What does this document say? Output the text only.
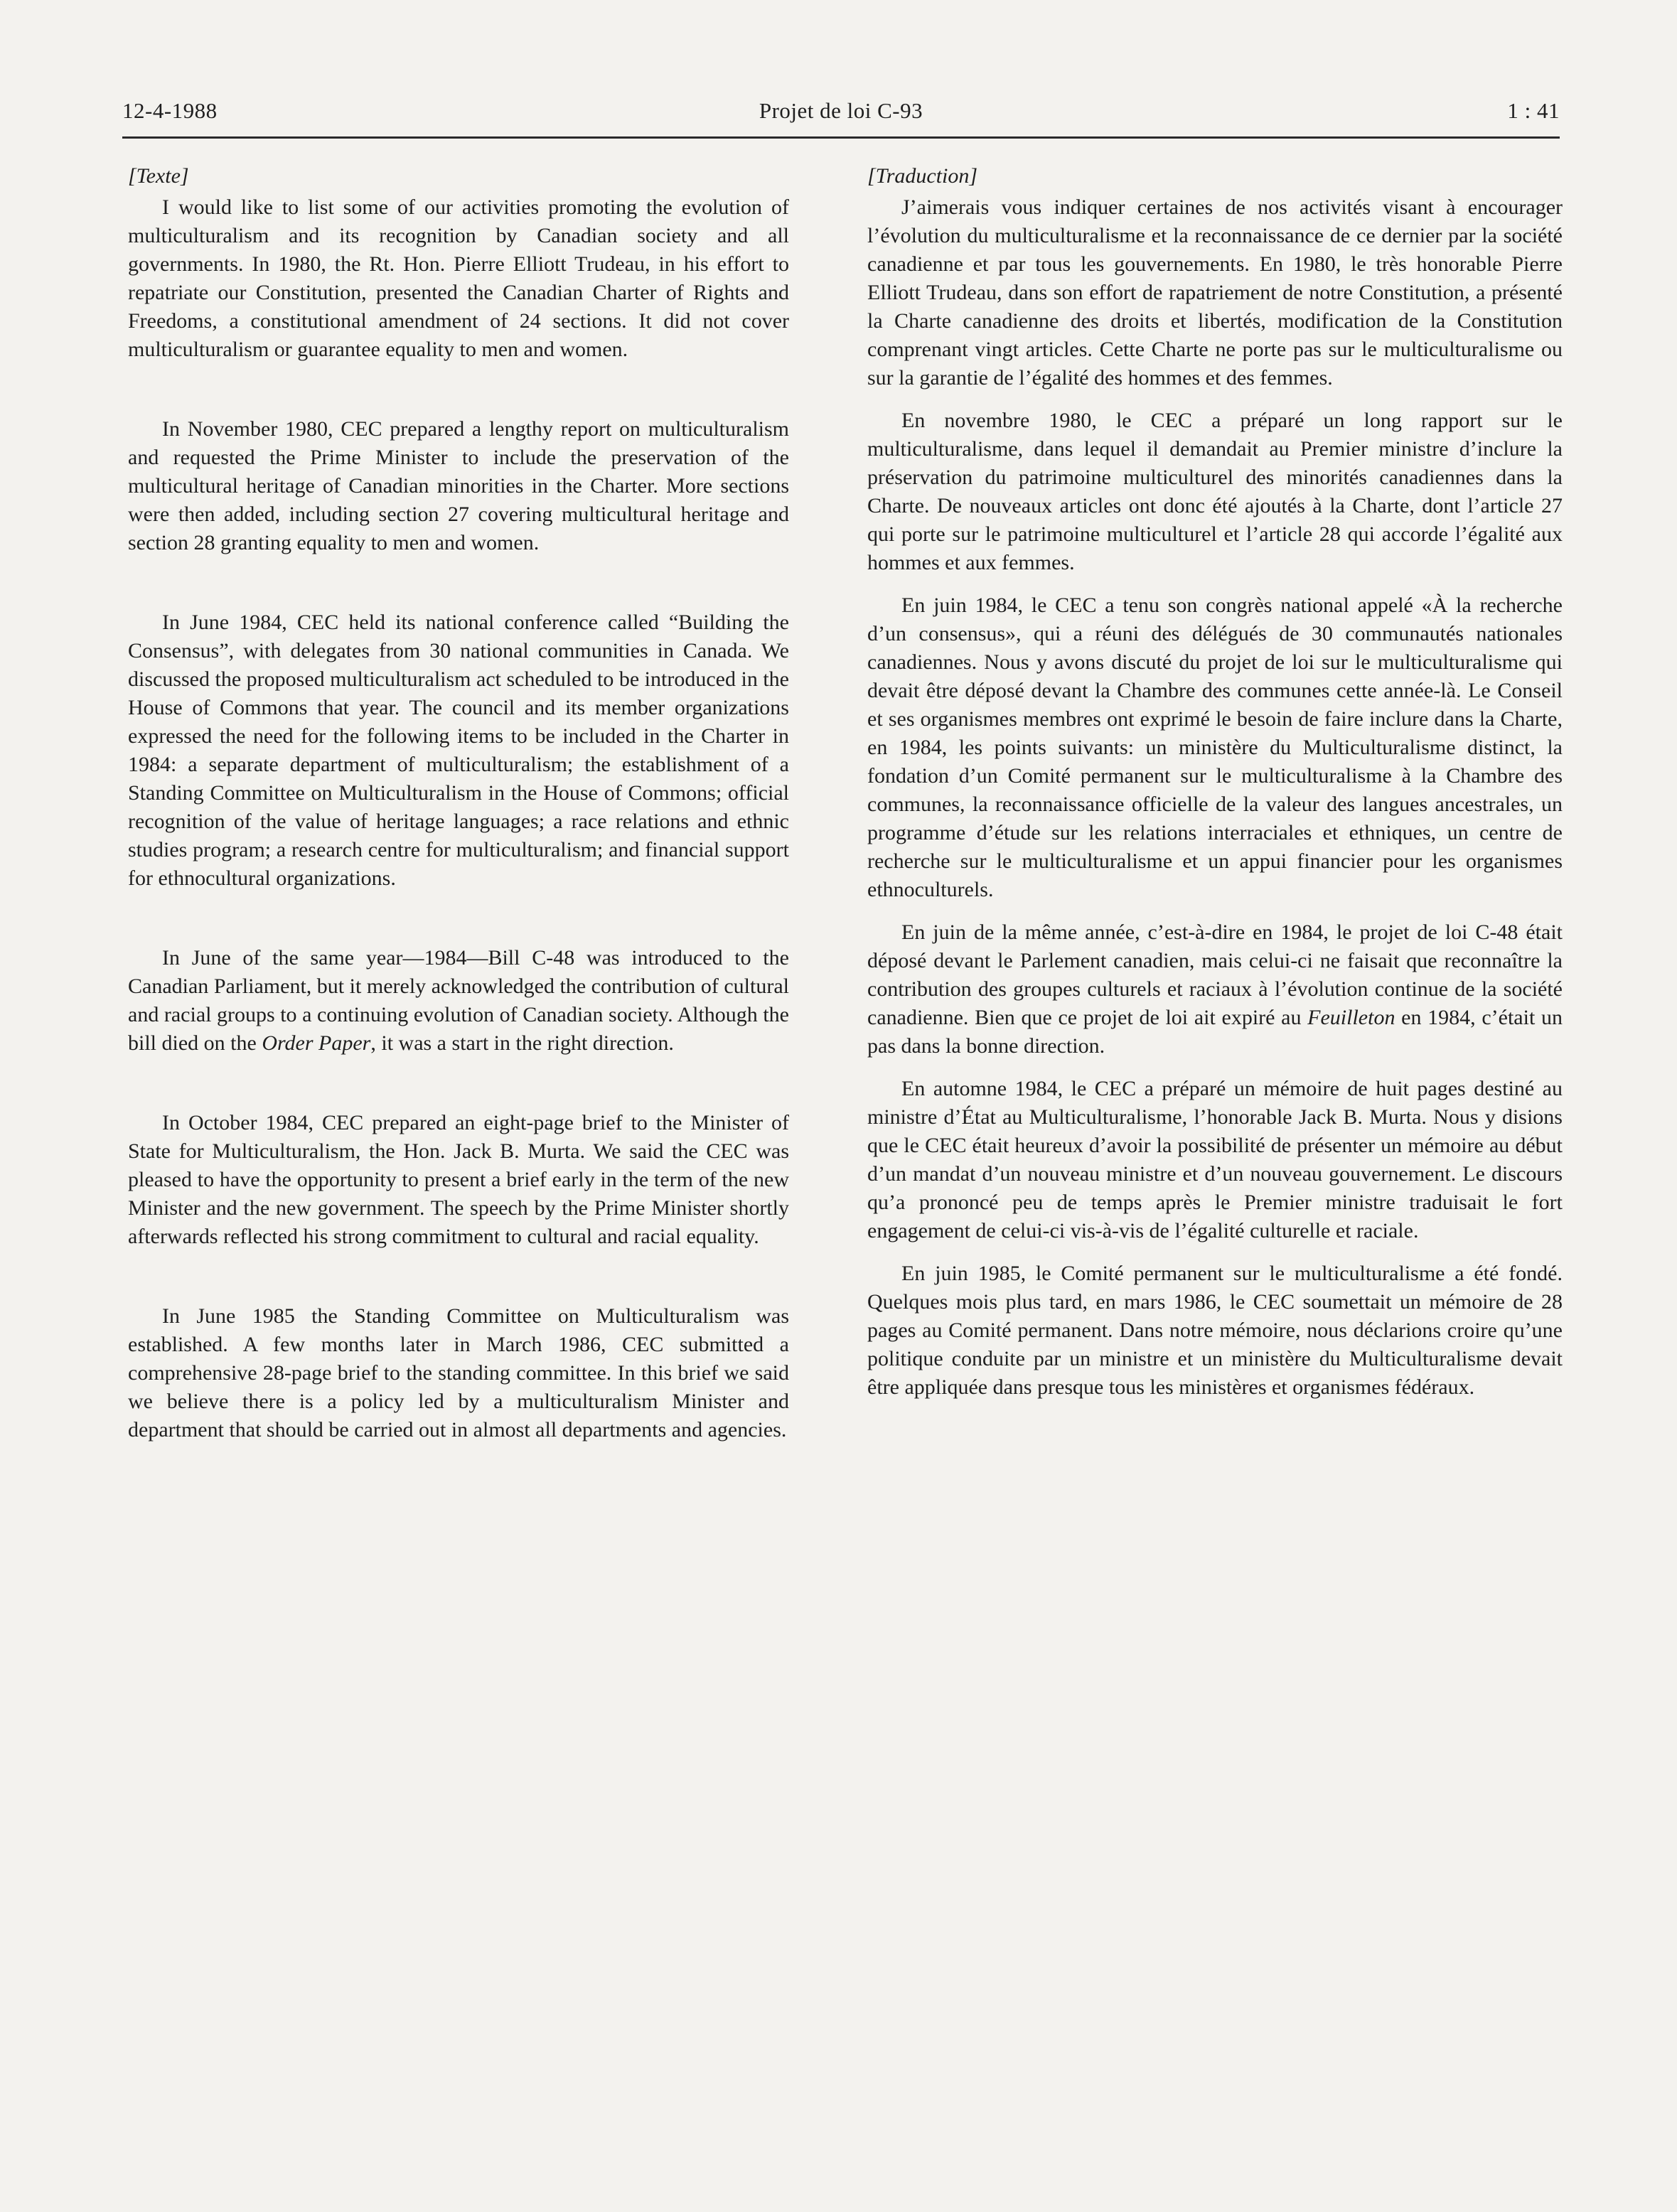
12-4-1988	Projet de loi C-93	1 : 41
[Texte]

I would like to list some of our activities promoting the evolution of multiculturalism and its recognition by Canadian society and all governments. In 1980, the Rt. Hon. Pierre Elliott Trudeau, in his effort to repatriate our Constitution, presented the Canadian Charter of Rights and Freedoms, a constitutional amendment of 24 sections. It did not cover multiculturalism or guarantee equality to men and women.

In November 1980, CEC prepared a lengthy report on multiculturalism and requested the Prime Minister to include the preservation of the multicultural heritage of Canadian minorities in the Charter. More sections were then added, including section 27 covering multicultural heritage and section 28 granting equality to men and women.

In June 1984, CEC held its national conference called “Building the Consensus”, with delegates from 30 national communities in Canada. We discussed the proposed multiculturalism act scheduled to be introduced in the House of Commons that year. The council and its member organizations expressed the need for the following items to be included in the Charter in 1984: a separate department of multiculturalism; the establishment of a Standing Committee on Multiculturalism in the House of Commons; official recognition of the value of heritage languages; a race relations and ethnic studies program; a research centre for multiculturalism; and financial support for ethnocultural organizations.

In June of the same year—1984—Bill C-48 was introduced to the Canadian Parliament, but it merely acknowledged the contribution of cultural and racial groups to a continuing evolution of Canadian society. Although the bill died on the Order Paper, it was a start in the right direction.

In October 1984, CEC prepared an eight-page brief to the Minister of State for Multiculturalism, the Hon. Jack B. Murta. We said the CEC was pleased to have the opportunity to present a brief early in the term of the new Minister and the new government. The speech by the Prime Minister shortly afterwards reflected his strong commitment to cultural and racial equality.

In June 1985 the Standing Committee on Multiculturalism was established. A few months later in March 1986, CEC submitted a comprehensive 28-page brief to the standing committee. In this brief we said we believe there is a policy led by a multiculturalism Minister and department that should be carried out in almost all departments and agencies.

[Traduction]

J’aimerais vous indiquer certaines de nos activités visant à encourager l’évolution du multiculturalisme et la reconnaissance de ce dernier par la société canadienne et par tous les gouvernements. En 1980, le très honorable Pierre Elliott Trudeau, dans son effort de rapatriement de notre Constitution, a présenté la Charte canadienne des droits et libertés, modification de la Constitution comprenant vingt articles. Cette Charte ne porte pas sur le multiculturalisme ou sur la garantie de l’égalité des hommes et des femmes.

En novembre 1980, le CEC a préparé un long rapport sur le multiculturalisme, dans lequel il demandait au Premier ministre d’inclure la préservation du patrimoine multiculturel des minorités canadiennes dans la Charte. De nouveaux articles ont donc été ajoutés à la Charte, dont l’article 27 qui porte sur le patrimoine multiculturel et l’article 28 qui accorde l’égalité aux hommes et aux femmes.

En juin 1984, le CEC a tenu son congrès national appelé «À la recherche d’un consensus», qui a réuni des délégués de 30 communautés nationales canadiennes. Nous y avons discuté du projet de loi sur le multiculturalisme qui devait être déposé devant la Chambre des communes cette année-là. Le Conseil et ses organismes membres ont exprimé le besoin de faire inclure dans la Charte, en 1984, les points suivants: un ministère du Multiculturalisme distinct, la fondation d’un Comité permanent sur le multiculturalisme à la Chambre des communes, la reconnaissance officielle de la valeur des langues ancestrales, un programme d’étude sur les relations interraciales et ethniques, un centre de recherche sur le multiculturalisme et un appui financier pour les organismes ethnoculturels.

En juin de la même année, c’est-à-dire en 1984, le projet de loi C-48 était déposé devant le Parlement canadien, mais celui-ci ne faisait que reconnaître la contribution des groupes culturels et raciaux à l’évolution continue de la société canadienne. Bien que ce projet de loi ait expiré au Feuilleton en 1984, c’était un pas dans la bonne direction.

En automne 1984, le CEC a préparé un mémoire de huit pages destiné au ministre d’État au Multiculturalisme, l’honorable Jack B. Murta. Nous y disions que le CEC était heureux d’avoir la possibilité de présenter un mémoire au début d’un mandat d’un nouveau ministre et d’un nouveau gouvernement. Le discours qu’a prononcé peu de temps après le Premier ministre traduisait le fort engagement de celui-ci vis-à-vis de l’égalité culturelle et raciale.

En juin 1985, le Comité permanent sur le multiculturalisme a été fondé. Quelques mois plus tard, en mars 1986, le CEC soumettait un mémoire de 28 pages au Comité permanent. Dans notre mémoire, nous déclarions croire qu’une politique conduite par un ministre et un ministère du Multiculturalisme devait être appliquée dans presque tous les ministères et organismes fédéraux.
